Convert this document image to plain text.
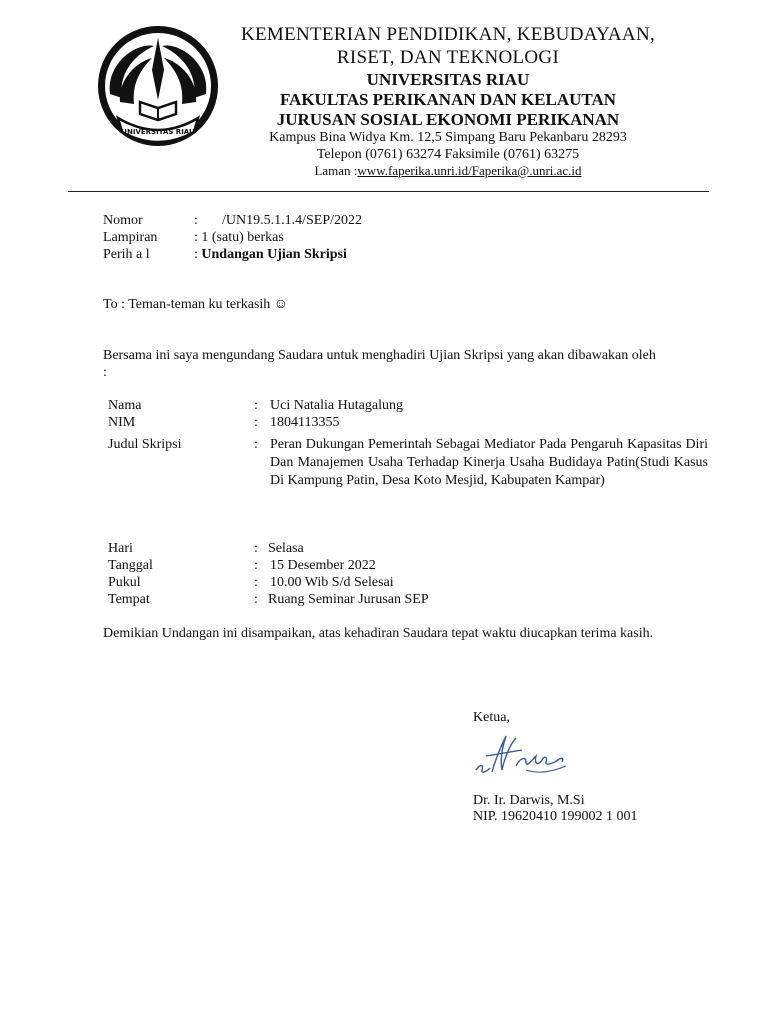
UNIVERSITAS RIAU
KEMENTERIAN PENDIDIKAN, KEBUDAYAAN,
RISET, DAN TEKNOLOGI
UNIVERSITAS RIAU
FAKULTAS PERIKANAN DAN KELAUTAN
JURUSAN SOSIAL EKONOMI PERIKANAN
Kampus Bina Widya Km. 12,5 Simpang Baru Pekanbaru 28293
Telepon (0761) 63274 Faksimile (0761) 63275
Laman :www.faperika.unri.id/Faperika@.unri.ac.id
Nomor	: /UN19.5.1.1.4/SEP/2022
Lampiran	: 1 (satu) berkas
Perih a l	: Undangan Ujian Skripsi
To : Teman-teman ku terkasih ☺
Bersama ini saya mengundang Saudara untuk menghadiri Ujian Skripsi yang akan dibawakan oleh :
Nama	: Uci Natalia Hutagalung
NIM	: 1804113355
Judul Skripsi	: Peran Dukungan Pemerintah Sebagai Mediator Pada Pengaruh Kapasitas Diri Dan Manajemen Usaha Terhadap Kinerja Usaha Budidaya Patin(Studi Kasus Di Kampung Patin, Desa Koto Mesjid, Kabupaten Kampar)
Hari	: Selasa
Tanggal	: 15 Desember 2022
Pukul	: 10.00 Wib S/d Selesai
Tempat	: Ruang Seminar Jurusan SEP
Demikian Undangan ini disampaikan, atas kehadiran Saudara tepat waktu diucapkan terima kasih.
Ketua,
Dr. Ir. Darwis, M.Si
NIP. 19620410 199002 1 001
